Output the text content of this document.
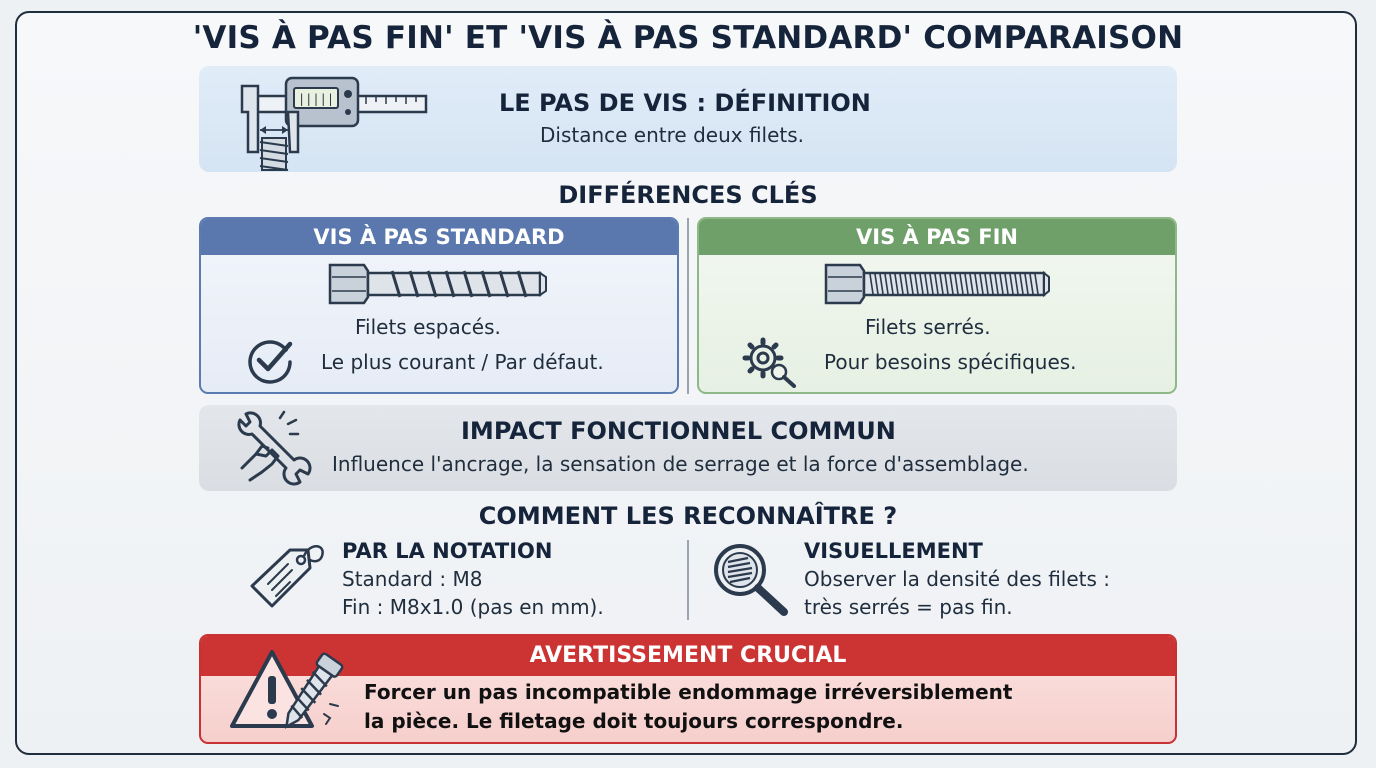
'VIS À PAS FIN' ET 'VIS À PAS STANDARD' COMPARAISON
|||||	LE PAS DE VIS : DÉFINITION
Distance entre deux filets.
DIFFÉRENCES CLÉS
VIS À PAS STANDARD	VIS À PAS FIN
Filets espacés.
Le plus courant / Par défaut.
Filets serrés.
Pour besoins spécifiques.
IMPACT FONCTIONNEL COMMUN
Influence l'ancrage, la sensation de serrage et la force d'assemblage.
COMMENT LES RECONNAÎTRE ?
PAR LA NOTATION
Standard : M8
Fin : M8x1.0 (pas en mm).
VISUELLEMENT
Observer la densité des filets :
très serrés = pas fin.
AVERTISSEMENT CRUCIAL
Forcer un pas incompatible endommage irréversiblement
la pièce. Le filetage doit toujours correspondre.
